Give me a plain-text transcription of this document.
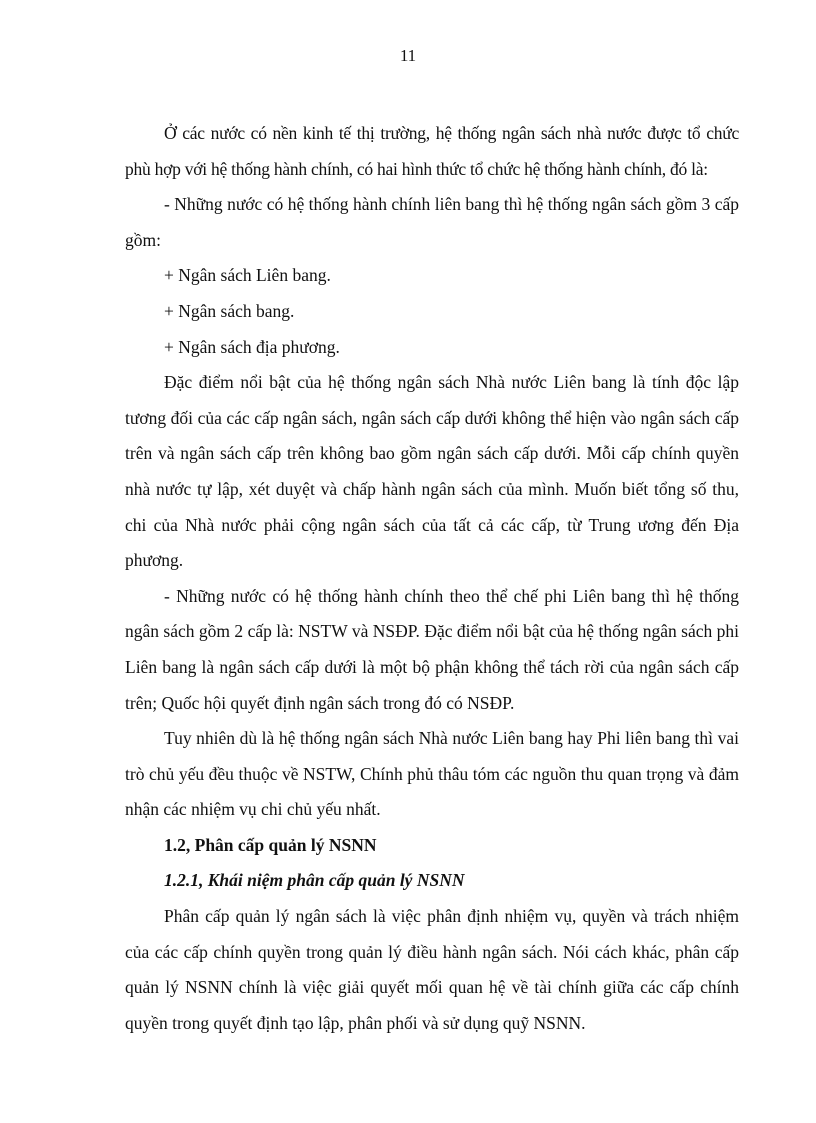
11

Ở các nước có nền kinh tế thị trường, hệ thống ngân sách nhà nước được tổ chức phù hợp với hệ thống hành chính, có hai hình thức tổ chức hệ thống hành chính, đó là:

- Những nước có hệ thống hành chính liên bang thì hệ thống ngân sách gồm 3 cấp gồm:

+ Ngân sách Liên bang.

+ Ngân sách bang.

+ Ngân sách địa phương.

Đặc điểm nổi bật của hệ thống ngân sách Nhà nước Liên bang là tính độc lập tương đối của các cấp ngân sách, ngân sách cấp dưới không thể hiện vào ngân sách cấp trên và ngân sách cấp trên không bao gồm ngân sách cấp dưới. Mỗi cấp chính quyền nhà nước tự lập, xét duyệt và chấp hành ngân sách của mình. Muốn biết tổng số thu, chi của Nhà nước phải cộng ngân sách của tất cả các cấp, từ Trung ương đến Địa phương.

- Những nước có hệ thống hành chính theo thể chế phi Liên bang thì hệ thống ngân sách gồm 2 cấp là: NSTW và NSĐP. Đặc điểm nổi bật của hệ thống ngân sách phi Liên bang là ngân sách cấp dưới là một bộ phận không thể tách rời của ngân sách cấp trên; Quốc hội quyết định ngân sách trong đó có NSĐP.

Tuy nhiên dù là hệ thống ngân sách Nhà nước Liên bang hay Phi liên bang thì vai trò chủ yếu đều thuộc về NSTW, Chính phủ thâu tóm các nguồn thu quan trọng và đảm nhận các nhiệm vụ chi chủ yếu nhất.

1.2, Phân cấp quản lý NSNN
1.2.1, Khái niệm phân cấp quản lý NSNN

Phân cấp quản lý ngân sách là việc phân định nhiệm vụ, quyền và trách nhiệm của các cấp chính quyền trong quản lý điều hành ngân sách. Nói cách khác, phân cấp quản lý NSNN chính là việc giải quyết mối quan hệ về tài chính giữa các cấp chính quyền trong quyết định tạo lập, phân phối và sử dụng quỹ NSNN.
